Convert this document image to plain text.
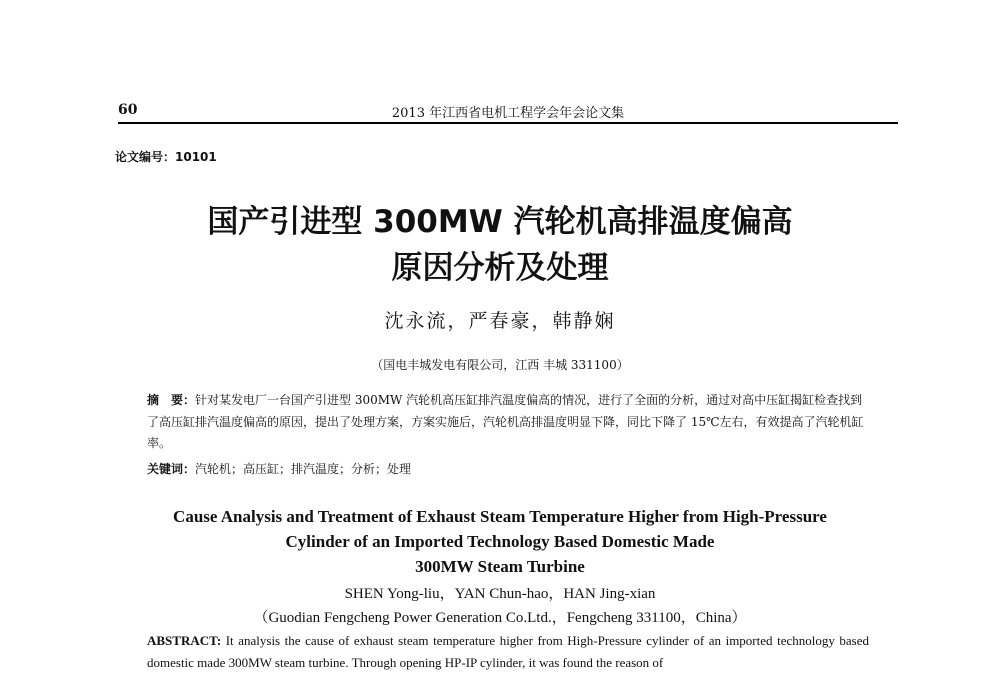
60	2013 年江西省电机工程学会年会论文集
论文编号：10101
国产引进型 300MW 汽轮机高排温度偏高
原因分析及处理
沈永流，严春豪，韩静娴
（国电丰城发电有限公司，江西 丰城 331100）
摘　要：针对某发电厂一台国产引进型 300MW 汽轮机高压缸排汽温度偏高的情况，进行了全面的分析，通过对高中压缸揭缸检查找到了高压缸排汽温度偏高的原因，提出了处理方案，方案实施后，汽轮机高排温度明显下降，同比下降了 15℃左右，有效提高了汽轮机缸率。
关键词：汽轮机；高压缸；排汽温度；分析；处理
Cause Analysis and Treatment of Exhaust Steam Temperature Higher from High-Pressure
Cylinder of an Imported Technology Based Domestic Made
300MW Steam Turbine
SHEN Yong-liu，YAN Chun-hao，HAN Jing-xian
（Guodian Fengcheng Power Generation Co.Ltd.，Fengcheng 331100，China）
ABSTRACT: It analysis the cause of exhaust steam temperature higher from High-Pressure cylinder of an imported technology based domestic made 300MW steam turbine. Through opening HP-IP cylinder, it was found the reason of
